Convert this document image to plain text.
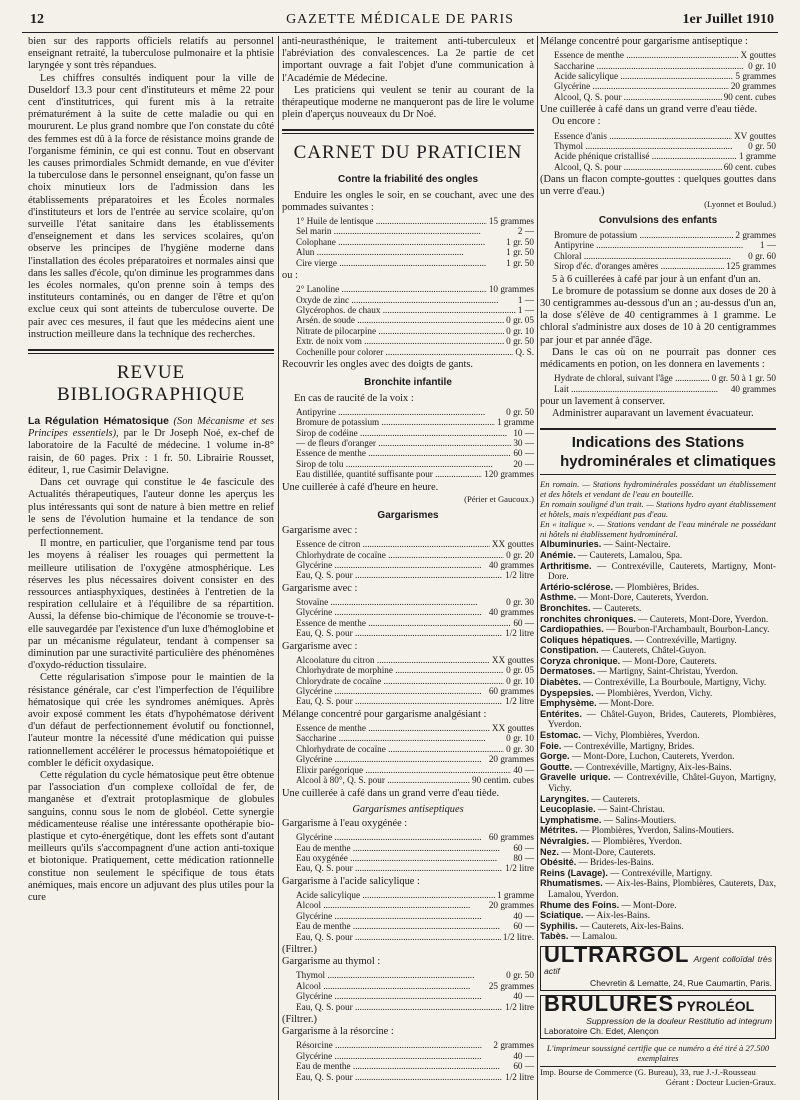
12	GAZETTE MÉDICALE DE PARIS	1er Juillet 1910

bien sur des rapports officiels relatifs au personnel enseignant retraité, la tuberculose pulmonaire et la phtisie laryngée y sont très répandues.

Les chiffres consultés indiquent pour la ville de Duseldorf 13.3 pour cent d'instituteurs et même 22 pour cent d'institutrices, qui furent mis à la retraite prématurément à la suite de cette maladie ou qui en moururent. Le plus grand nombre que l'on constate du côté des femmes est dû à la force de résistance moins grande de l'organisme féminin, ce qui est connu. Tout en observant les causes primordiales Schmidt demande, en vue d'éviter la tuberculose dans le personnel enseignant, qu'on fasse un choix minutieux lors de l'admission dans les établissements préparatoires et les Écoles normales d'instituteurs et lors de l'entrée au service scolaire, qu'on surveille l'état sanitaire dans les établissements d'enseignement et dans les services scolaires, qu'on observe les principes de l'hygiène moderne dans l'installation des écoles préparatoires et normales ainsi que dans les salles d'école, qu'on diminue les programmes dans les écoles normales, qu'on prenne soin à temps des instituteurs contaminés, ou en danger de l'être et qu'on exclue ceux qui sont atteints de tuberculose ouverte. De pair avec ces mesures, il faut que les médecins aient une instruction meilleure dans la technique des recherches.

REVUE BIBLIOGRAPHIQUE

La Régulation Hématosique (Son Mécanisme et ses Principes essentiels), par le Dr Joseph Noé, ex-chef de laboratoire de la Faculté de médecine. 1 volume in-8° raisin, de 60 pages. Prix : 1 fr. 50. Librairie Rousset, éditeur, 1, rue Casimir Delavigne.

Dans cet ouvrage qui constitue le 4e fascicule des Actualités thérapeutiques, l'auteur donne les aperçus les plus intéressants qui sont de nature à bien mettre en relief le sens de l'évolution humaine et la tendance de son perfectionnement.

Il montre, en particulier, que l'organisme tend par tous les moyens à réaliser les rouages qui permettent la meilleure utilisation de l'oxygène atmosphérique. Les réserves les plus nécessaires doivent consister en des ressources antiasphyxiques, destinées à l'entretien de la respiration cellulaire et à l'équilibre de sa répartition. Aussi, la défense bio-chimique de l'économie se trouve-t-elle sauvegardée par l'existence d'un luxe d'hémoglobine et par un mécanisme régulateur, tendant à compenser sa diminution par une suractivité particulière des phénomènes d'oxydo-réduction tissulaire.

Cette régularisation s'impose pour le maintien de la résistance générale, car c'est l'imperfection de l'équilibre hématosique qui crée les syndromes anémiques. Après avoir exposé comment les états d'hypohématose dérivent d'un défaut de perfectionnement évolutif ou fonctionnel, l'auteur montre la nécessité d'une médication qui puisse rationnellement accélérer le processus hématopoiétique et combler le déficit oxydasique.

Cette régulation du cycle hématosique peut être obtenue par l'association d'un complexe colloïdal de fer, de manganèse et d'extrait protoplasmique de globules sanguins, connu sous le nom de globéol. Cette synergie médicamenteuse réalise une intéressante opothérapie bio-plastique et cyto-énergétique, dont les effets sont d'autant meilleurs qu'ils s'accompagnent d'une action anti-toxique et biotonique. Pratiquement, cette médication rationnelle constitue non seulement le spécifique de tous états anémiques, mais encore un adjuvant des plus utiles pour la cure

anti-neurasthénique, le traitement anti-tuberculeux et l'abréviation des convalescences. La 2e partie de cet important ouvrage a fait l'objet d'une communication à l'Académie de Médecine.

Les praticiens qui veulent se tenir au courant de la thérapeutique moderne ne manqueront pas de lire le volume plein d'aperçus nouveaux du Dr Noé.

CARNET DU PRATICIEN
Contre la friabilité des ongles

Enduire les ongles le soir, en se couchant, avec une des pommades suivantes :

1° Huile de lentisque .....	15 grammes
Sel marin .....	2 —
Colophane .....	1 gr. 50
Alun .....	1 gr. 50
Cire vierge .....	1 gr. 50

ou :

2° Lanoline .....	10 grammes
Oxyde de zinc .....	1 —
Glycérophos. de chaux .....	1 —
Arsén. de soude .....	0 gr. 05
Nitrate de pilocarpine .....	0 gr. 10
Extr. de noix vom .....	0 gr. 50
Cochenille pour colorer .....	Q. S.

Recouvrir les ongles avec des doigts de gants.

Bronchite infantile

En cas de raucité de la voix :

Antipyrine .....	0 gr. 50
Bromure de potassium .....	1 gramme
Sirop de codéine .....	10 —
— de fleurs d'oranger .....	30 —
Essence de menthe .....	60 —
Sirop de tolu .....	20 —
Eau distillée, quantité suffisante pour .....	120 grammes

Une cuillerée à café d'heure en heure.

(Périer et Gaucoux.)
Gargarismes

Gargarisme avec :

Essence de citron .....	XX gouttes
Chlorhydrate de cocaïne .....	0 gr. 20
Glycérine .....	40 grammes
Eau, Q. S. pour .....	1/2 litre

Gargarisme avec :

Stovaïne .....	0 gr. 30
Glycérine .....	40 grammes
Essence de menthe .....	60 —
Eau, Q. S. pour .....	1/2 litre

Gargarisme avec :

Alcoolature du citron .....	XX gouttes
Chlorhydrate de morphine .....	0 gr. 05
Chlorydrate de cocaïne .....	0 gr. 10
Glycérine .....	60 grammes
Eau, Q. S. pour .....	1/2 litre

Mélange concentré pour gargarisme analgésiant :

Essence de menthe .....	XX gouttes
Saccharine .....	0 gr. 10
Chlorhydrate de cocaïne .....	0 gr. 30
Glycérine .....	20 grammes
Elixir parégorique .....	40 —
Alcool à 80°, Q. S. pour .....	90 centim. cubes

Une cuillerée à café dans un grand verre d'eau tiède.

Gargarismes antiseptiques

Gargarisme à l'eau oxygénée :

Glycérine .....	60 grammes
Eau de menthe .....	60 —
Eau oxygénée .....	80 —
Eau, Q. S. pour .....	1/2 litre

Gargarisme à l'acide salicylique :

Acide salicylique .....	1 gramme
Alcool .....	20 grammes
Glycérine .....	40 —
Eau de menthe .....	60 —
Eau, Q. S. pour .....	1/2 litre.

(Filtrer.)

Gargarisme au thymol :

Thymol .....	0 gr. 50
Alcool .....	25 grammes
Glycérine .....	40 —
Eau, Q. S. pour .....	1/2 litre

(Filtrer.)

Gargarisme à la résorcine :

Résorcine .....	2 grammes
Glycérine .....	40 —
Eau de menthe .....	60 —
Eau, Q. S. pour .....	1/2 litre

Mélange concentré pour gargarisme antiseptique :

Essence de menthe .....	X gouttes
Saccharine .....	0 gr. 10
Acide salicylique .....	5 grammes
Glycérine .....	20 grammes
Alcool, Q. S. pour .....	90 cent. cubes

Une cuillerée à café dans un grand verre d'eau tiède.

Ou encore :

Essence d'anis .....	XV gouttes
Thymol .....	0 gr. 50
Acide phénique cristallisé .....	1 gramme
Alcool, Q. S. pour .....	60 cent. cubes

(Dans un flacon compte-gouttes : quelques gouttes dans un verre d'eau.)

(Lyonnet et Boulud.)
Convulsions des enfants
Bromure de potassium .....	2 grammes
Antipyrine .....	1 —
Chloral .....	0 gr. 60
Sirop d'éc. d'oranges amères .....	125 grammes

5 à 6 cuillerées à café par jour à un enfant d'un an.

Le bromure de potassium se donne aux doses de 20 à 30 centigrammes au-dessous d'un an ; au-dessus d'un an, la dose s'élève de 40 centigrammes à 1 gramme. Le chloral s'administre aux doses de 10 à 20 centigrammes par jour et par année d'âge.

Dans le cas où on ne pourrait pas donner ces médicaments en potion, on les donnera en lavements :

Hydrate de chloral, suivant l'âge .....	0 gr. 50 à 1 gr. 50
Lait .....	40 grammes

pour un lavement à conserver.

Administrer auparavant un lavement évacuateur.

Indications des Stations
hydrominérales et climatiques
En romain. — Stations hydrominérales possédant un établissement et des hôtels et vendant de l'eau en bouteille.
En romain souligné d'un trait. — Stations hydro ayant établissement et hôtels, mais n'expédiant pas d'eau.
En « italique ». — Stations vendant de l'eau minérale ne possédant ni hôtels ni établissement hydrominéral.
Albuminuries. — Saint-Nectaire.
Anémie. — Cauterets, Lamalou, Spa.
Arthritisme. — Contrexéville, Cauterets, Martigny, Mont-Dore.
Artério-sclérose. — Plombières, Brides.
Asthme. — Mont-Dore, Cauterets, Yverdon.
Bronchites. — Cauterets.
ronchites chroniques. — Cauterets, Mont-Dore, Yverdon.
Cardiopathies. — Bourbon-l'Archambault, Bourbon-Lancy.
Coliques hépatiques. — Contrexéville, Martigny.
Constipation. — Cauterets, Châtel-Guyon.
Coryza chronique. — Mont-Dore, Cauterets.
Dermatoses. — Martigny, Saint-Christau, Yverdon.
Diabètes. — Contrexéville, La Bourboule, Martigny, Vichy.
Dyspepsies. — Plombières, Yverdon, Vichy.
Emphysème. — Mont-Dore.
Entérites. — Châtel-Guyon, Brides, Cauterets, Plombières, Yverdon.
Estomac. — Vichy, Plombières, Yverdon.
Foie. — Contrexéville, Martigny, Brides.
Gorge. — Mont-Dore, Luchon, Cauterets, Yverdon.
Goutte. — Contrexéville, Martigny, Aix-les-Bains.
Gravelle urique. — Contrexéville, Châtel-Guyon, Martigny, Vichy.
Laryngites. — Cauterets.
Leucoplasie. — Saint-Christau.
Lymphatisme. — Salins-Moutiers.
Métrites. — Plombières, Yverdon, Salins-Moutiers.
Névralgies. — Plombières, Yverdon.
Nez. — Mont-Dore, Cauterets.
Obésité. — Brides-les-Bains.
Reins (Lavage). — Contrexéville, Martigny.
Rhumatismes. — Aix-les-Bains, Plombières, Cauterets, Dax, Lamalou, Yverdon.
Rhume des Foins. — Mont-Dore.
Sciatique. — Aix-les-Bains.
Syphilis. — Cauterets, Aix-les-Bains.
Tabès. — Lamalou.
ULTRARGOL Argent colloïdal très actif
Chevretin & Lematte, 24, Rue Caumartin, Paris.
BRULURES PYROLÉOL
Suppression de la douleur Restitutio ad integrum
Laboratoire Ch. Edet, Alençon
L'imprimeur soussigné certifie que ce numéro a été tiré à 27.500 exemplaires
Imp. Bourse de Commerce (G. Bureau), 33, rue J.-J.-Rousseau
Gérant : Docteur Lucien-Graux.
